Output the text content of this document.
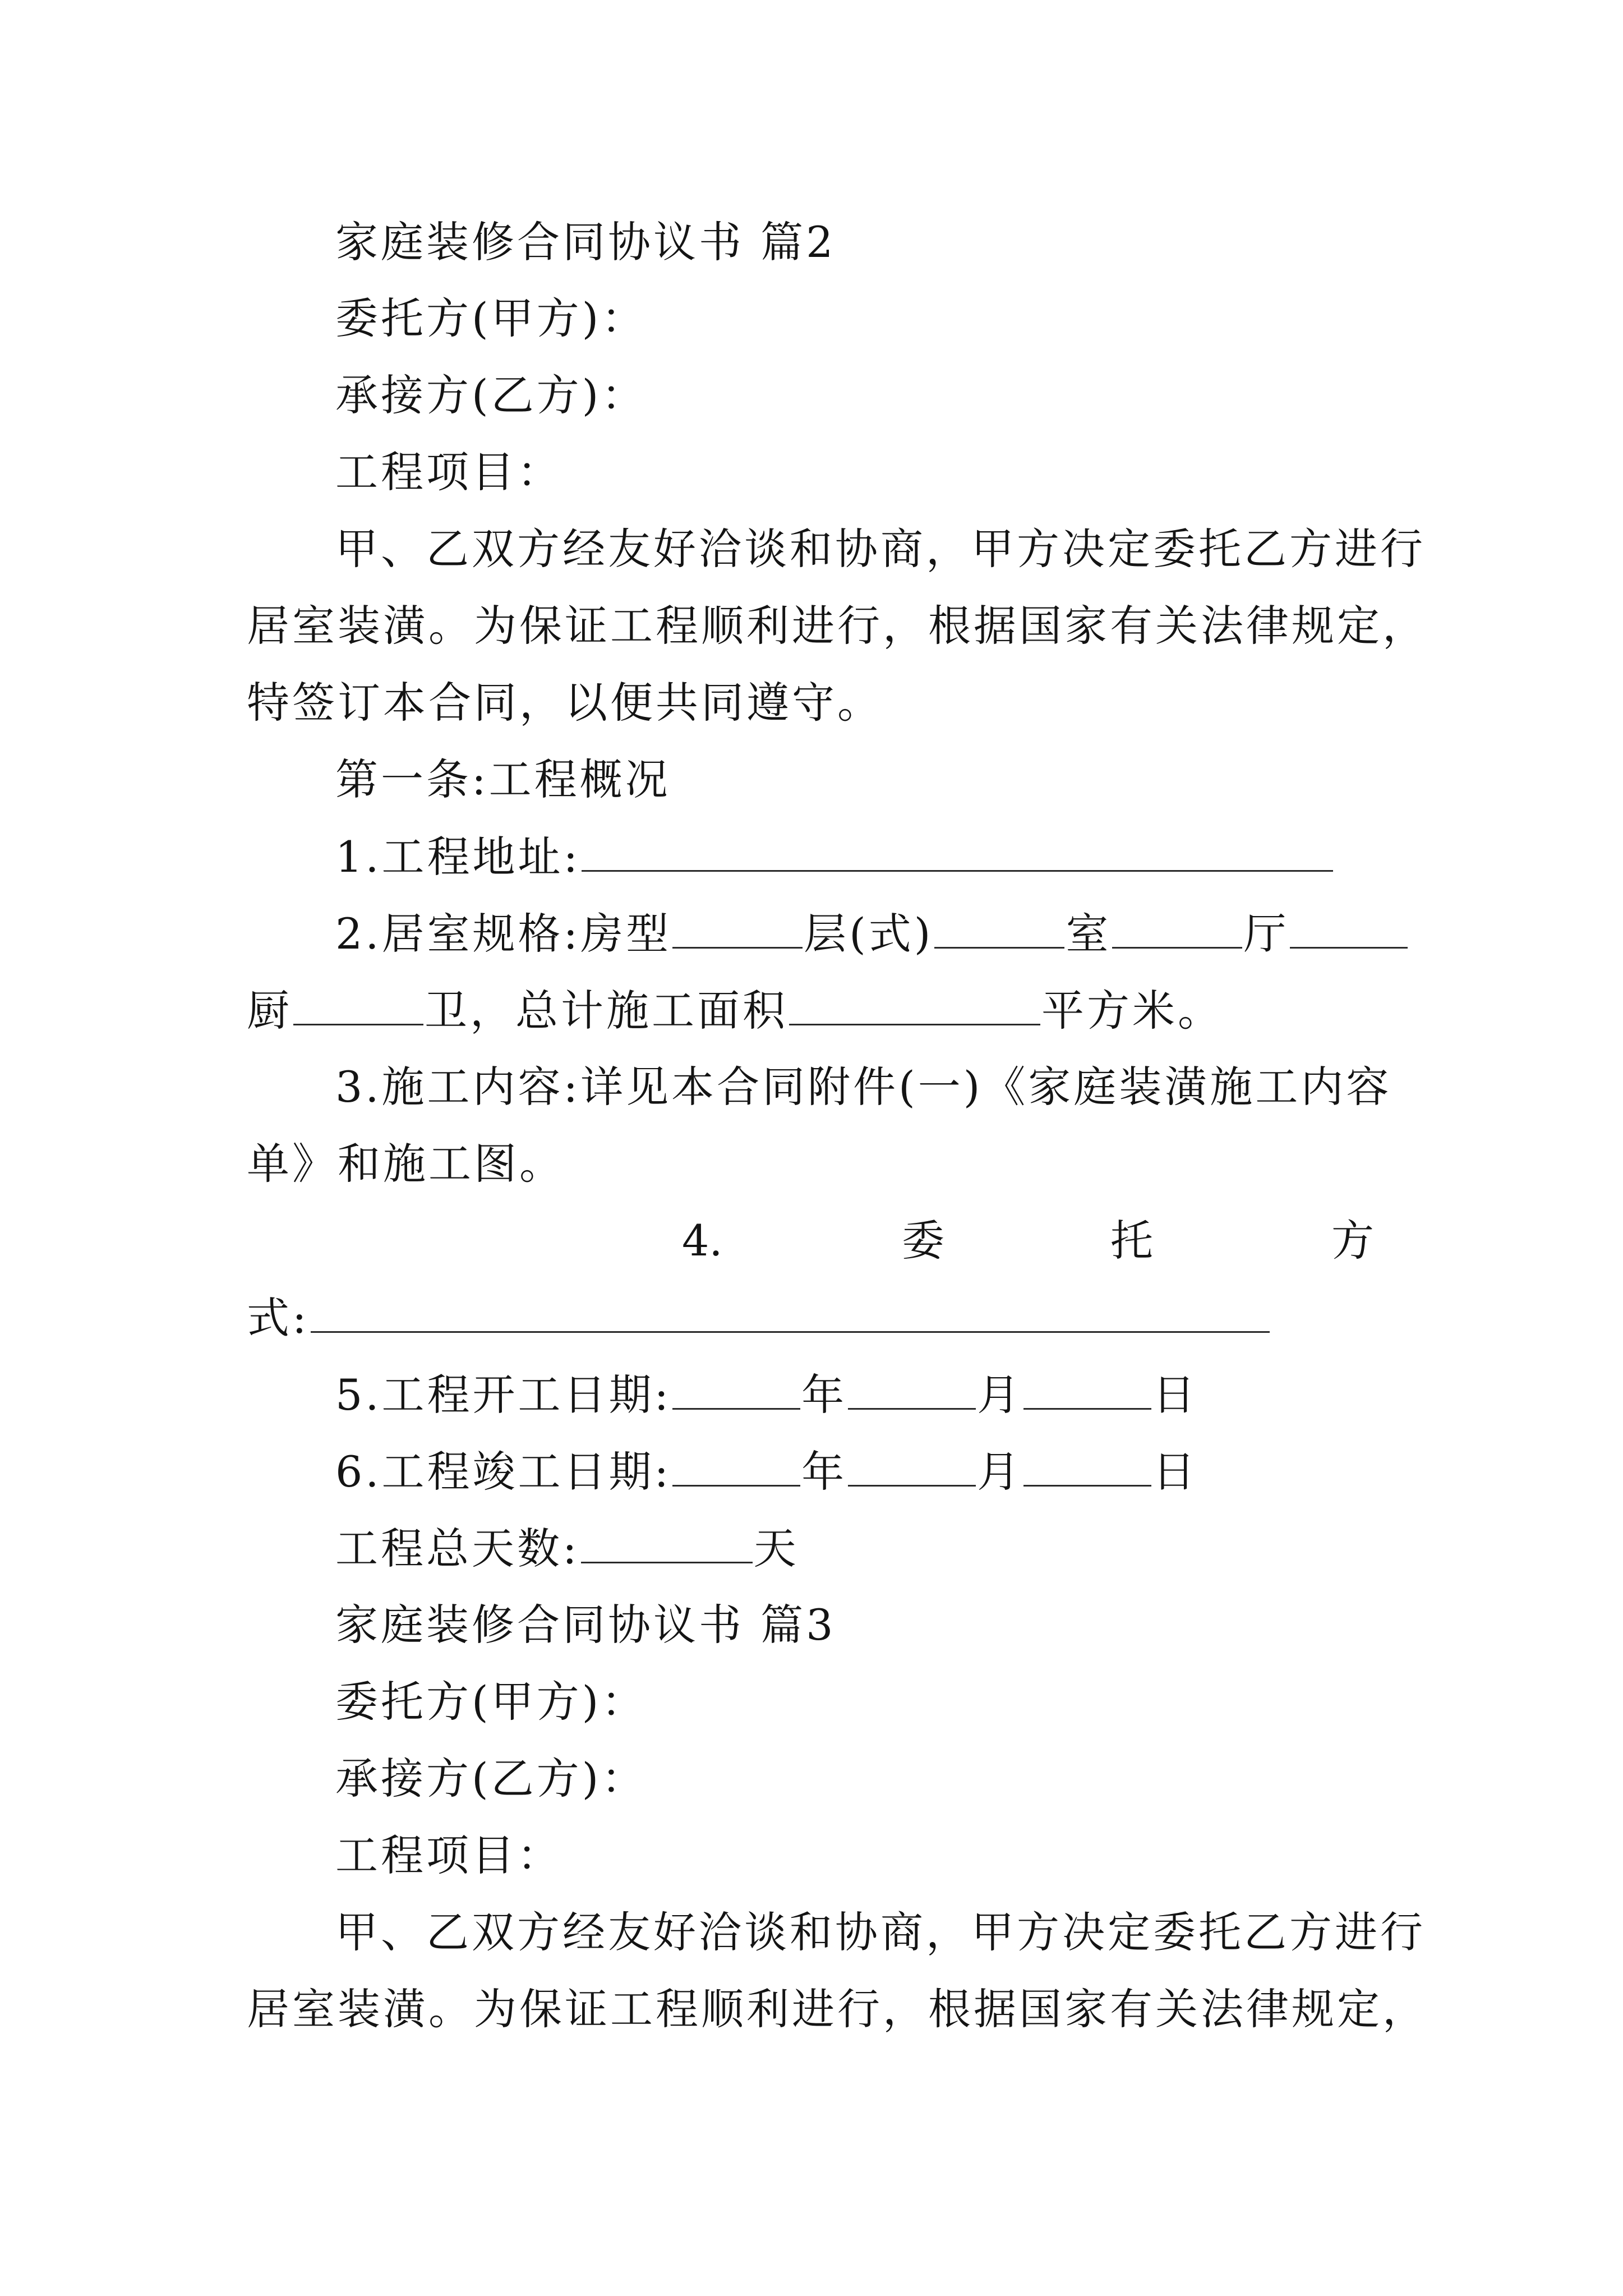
家庭装修合同协议书 篇2
委托方(甲方)：
承接方(乙方)：
工程项目：
甲、乙双方经友好洽谈和协商，甲方决定委托乙方进行
居室装潢。为保证工程顺利进行，根据国家有关法律规定，
特签订本合同，以便共同遵守。
第一条:工程概况
1.工程地址:
2.居室规格:房型	层(式)	室	厅
厨	卫，总计施工面积	平方米。
3.施工内容:详见本合同附件(一)《家庭装潢施工内容
单》和施工图。
4.	委	托	方
式:
5.工程开工日期:	年	月	日
6.工程竣工日期:	年	月	日
工程总天数:	天
家庭装修合同协议书 篇3
委托方(甲方)：
承接方(乙方)：
工程项目：
甲、乙双方经友好洽谈和协商，甲方决定委托乙方进行
居室装潢。为保证工程顺利进行，根据国家有关法律规定，
